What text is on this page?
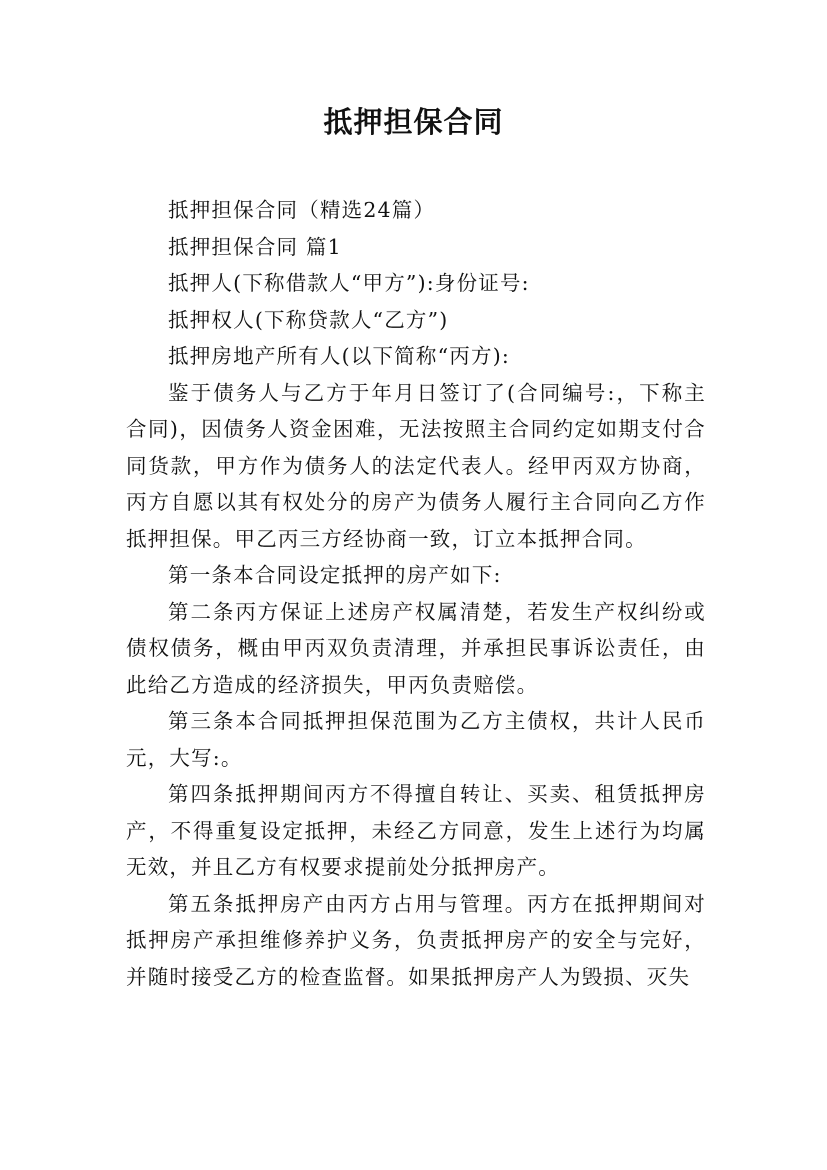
抵押担保合同

抵押担保合同（精选24篇）

抵押担保合同 篇1

抵押人(下称借款人“甲方”):身份证号:

抵押权人(下称贷款人“乙方”)

抵押房地产所有人(以下简称“丙方):

鉴于债务人与乙方于年月日签订了(合同编号:，下称主合同)，因债务人资金困难，无法按照主合同约定如期支付合同货款，甲方作为债务人的法定代表人。经甲丙双方协商，丙方自愿以其有权处分的房产为债务人履行主合同向乙方作抵押担保。甲乙丙三方经协商一致，订立本抵押合同。

第一条本合同设定抵押的房产如下:

第二条丙方保证上述房产权属清楚，若发生产权纠纷或债权债务，概由甲丙双负责清理，并承担民事诉讼责任，由此给乙方造成的经济损失，甲丙负责赔偿。

第三条本合同抵押担保范围为乙方主债权，共计人民币元，大写:。

第四条抵押期间丙方不得擅自转让、买卖、租赁抵押房产，不得重复设定抵押，未经乙方同意，发生上述行为均属无效，并且乙方有权要求提前处分抵押房产。

第五条抵押房产由丙方占用与管理。丙方在抵押期间对抵押房产承担维修养护义务，负责抵押房产的安全与完好，并随时接受乙方的检查监督。如果抵押房产人为毁损、灭失
